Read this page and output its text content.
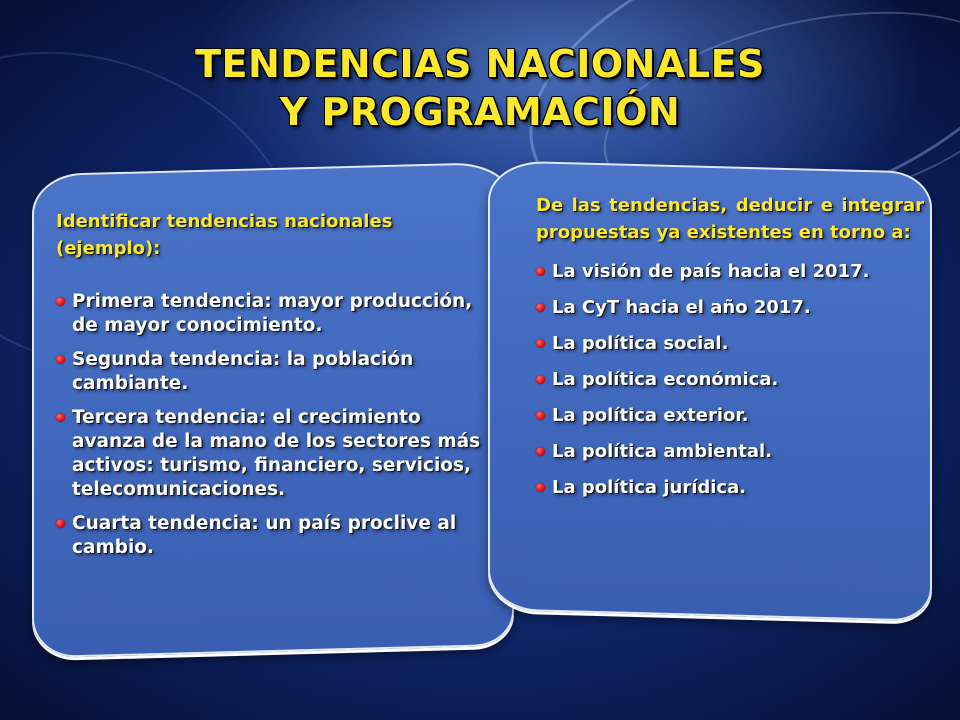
TENDENCIAS NACIONALES
Y PROGRAMACIÓN

Identificar tendencias nacionales (ejemplo):

Primera tendencia: mayor producción, de mayor conocimiento.
Segunda tendencia: la población cambiante.
Tercera tendencia: el crecimiento avanza de la mano de los sectores más activos: turismo, financiero, servicios, telecomunicaciones.
Cuarta tendencia: un país proclive al cambio.

De las tendencias, deducir e integrar propuestas ya existentes en torno a:

La visión de país hacia el 2017.
La CyT hacia el año 2017.
La política social.
La política económica.
La política exterior.
La política ambiental.
La política jurídica.
